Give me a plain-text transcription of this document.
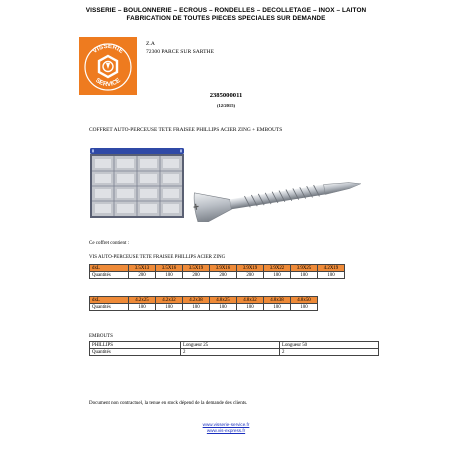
VISSERIE – BOULONNERIE – ECROUS – RONDELLES – DECOLLETAGE – INOX – LAITON
FABRICATION DE TOUTES PIECES SPECIALES SUR DEMANDE
VISSERIE
SERVICE
Z.A
72300 PARCE SUR SARTHE
2385000011
(12/2015)
COFFRET AUTO-PERCEUSE TETE FRAISEE PHILLIPS ACIER ZING + EMBOUTS
Ce coffret contient :
VIS AUTO-PERCEUSE TETE FRAISEE PHILLIPS ACIER ZING
dxL	3.5X13	3.5X16	3.5X19	3.9X16	3.9X19	3.9X22	3.9X25	4.2X19
Quantités	200	100	200	200	200	100	100	100
dxL	4.2x25	4.2x32	4.2x38	4.8x25	4.8x32	4.8x38	4.8x50
Quantités	100	100	100	100	100	100	100
EMBOUTS
PHILLIPS	Longueur 25	Longueur 50
Quantités	2	2
Document non contractuel, la tenue en stock dépend de la demande des clients.
www.visserie-service.fr
www.vis-express.fr
